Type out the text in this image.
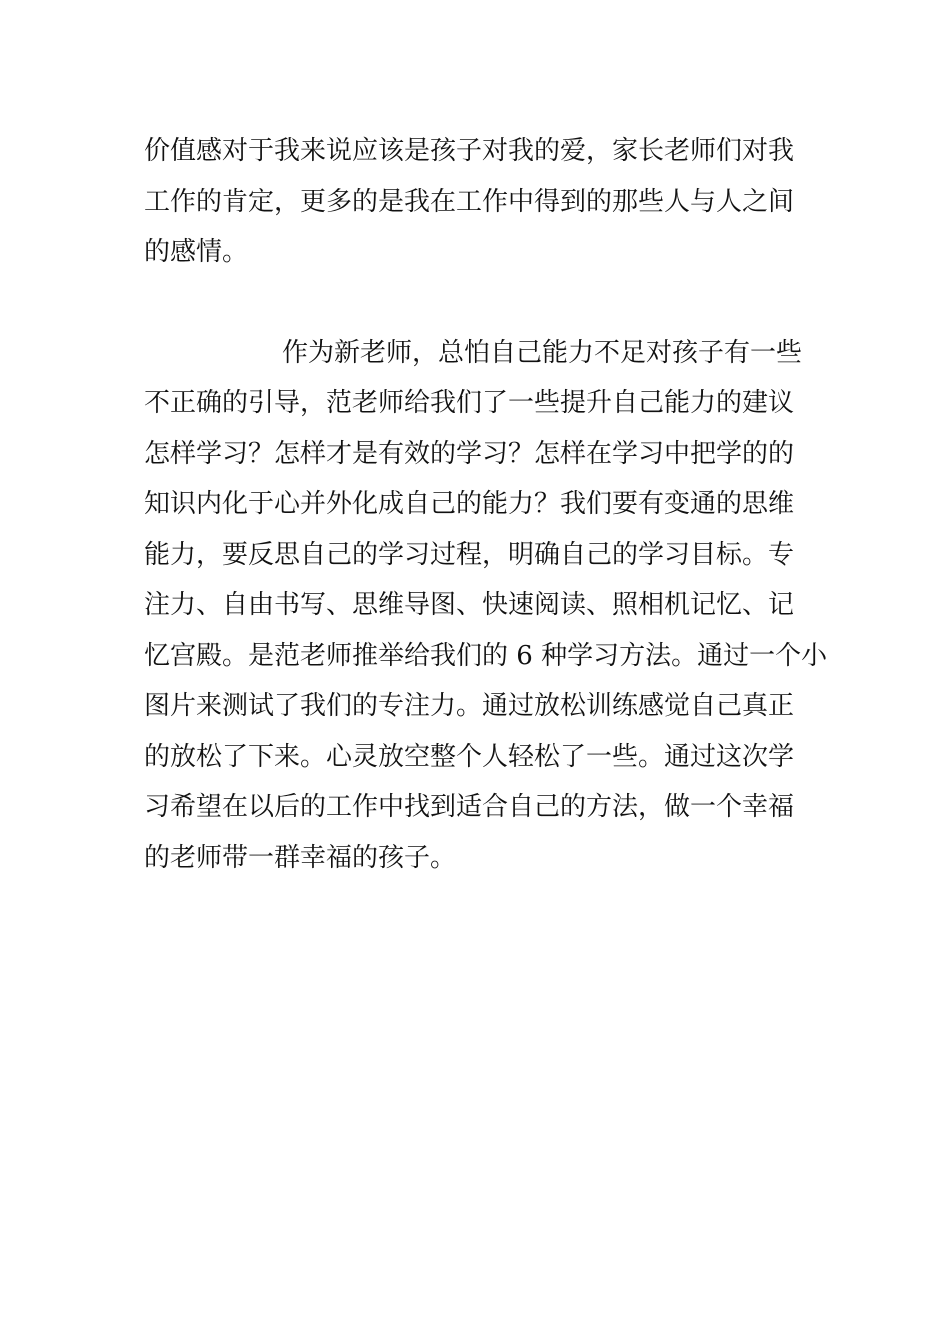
价值感对于我来说应该是孩子对我的爱，家长老师们对我
工作的肯定，更多的是我在工作中得到的那些人与人之间
的感情。
作为新老师，总怕自己能力不足对孩子有一些
不正确的引导，范老师给我们了一些提升自己能力的建议
怎样学习？怎样才是有效的学习？怎样在学习中把学的的
知识内化于心并外化成自己的能力？我们要有变通的思维
能力，要反思自己的学习过程，明确自己的学习目标。专
注力、自由书写、思维导图、快速阅读、照相机记忆、记
忆宫殿。是范老师推举给我们的 6 种学习方法。通过一个小
图片来测试了我们的专注力。通过放松训练感觉自己真正
的放松了下来。心灵放空整个人轻松了一些。通过这次学
习希望在以后的工作中找到适合自己的方法，做一个幸福
的老师带一群幸福的孩子。
